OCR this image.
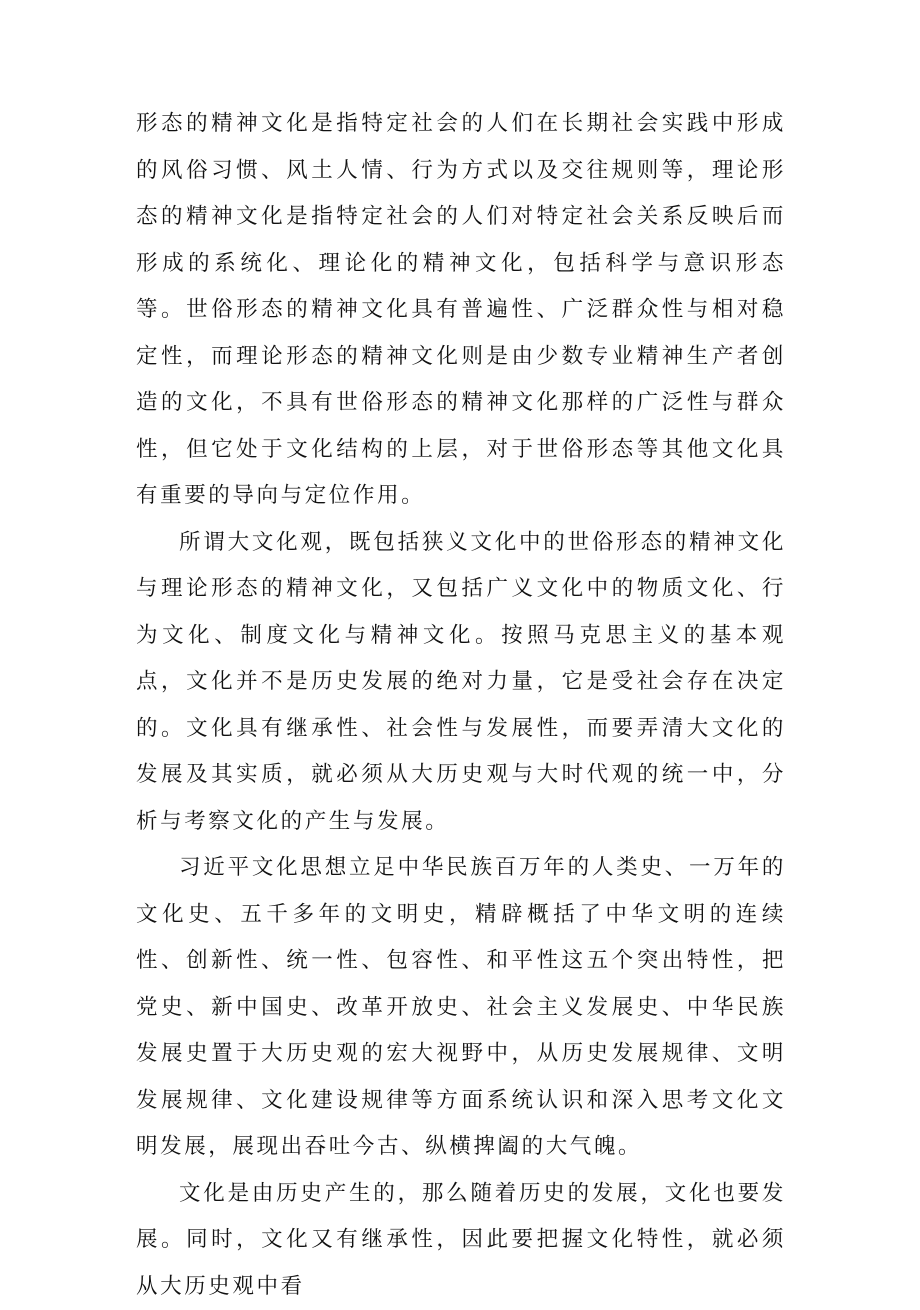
形态的精神文化是指特定社会的人们在长期社会实践中形成的风俗习惯、风土人情、行为方式以及交往规则等，理论形态的精神文化是指特定社会的人们对特定社会关系反映后而形成的系统化、理论化的精神文化，包括科学与意识形态等。世俗形态的精神文化具有普遍性、广泛群众性与相对稳定性，而理论形态的精神文化则是由少数专业精神生产者创造的文化，不具有世俗形态的精神文化那样的广泛性与群众性，但它处于文化结构的上层，对于世俗形态等其他文化具有重要的导向与定位作用。

所谓大文化观，既包括狭义文化中的世俗形态的精神文化与理论形态的精神文化，又包括广义文化中的物质文化、行为文化、制度文化与精神文化。按照马克思主义的基本观点，文化并不是历史发展的绝对力量，它是受社会存在决定的。文化具有继承性、社会性与发展性，而要弄清大文化的发展及其实质，就必须从大历史观与大时代观的统一中，分析与考察文化的产生与发展。

习近平文化思想立足中华民族百万年的人类史、一万年的文化史、五千多年的文明史，精辟概括了中华文明的连续性、创新性、统一性、包容性、和平性这五个突出特性，把党史、新中国史、改革开放史、社会主义发展史、中华民族发展史置于大历史观的宏大视野中，从历史发展规律、文明发展规律、文化建设规律等方面系统认识和深入思考文化文明发展，展现出吞吐今古、纵横捭阖的大气魄。

文化是由历史产生的，那么随着历史的发展，文化也要发展。同时，文化又有继承性，因此要把握文化特性，就必须从大历史观中看
